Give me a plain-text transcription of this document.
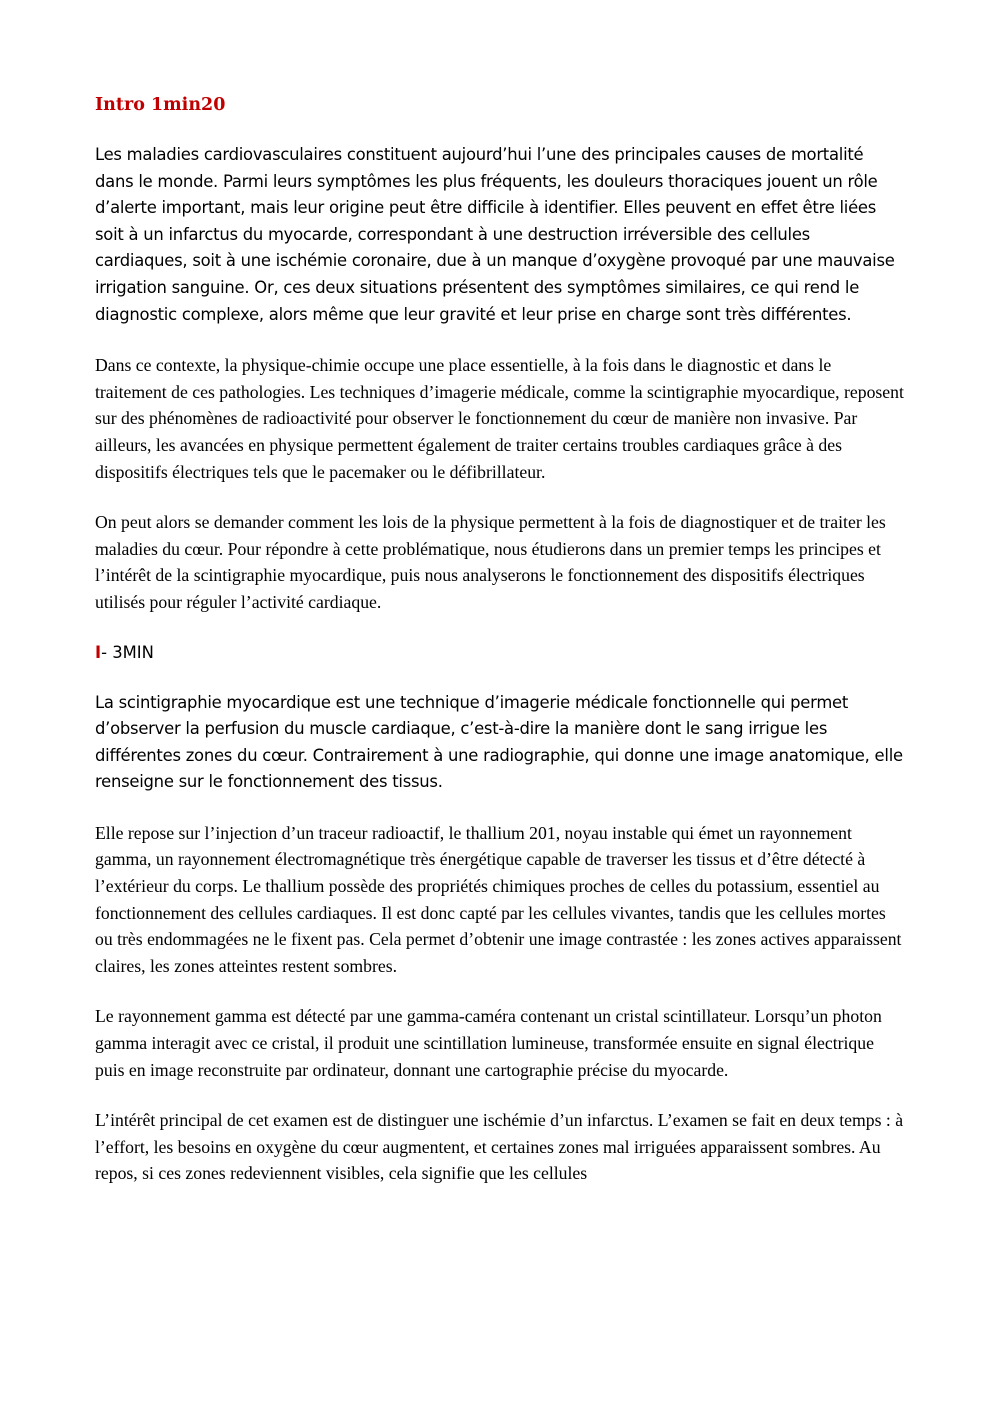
Intro 1min20

Les maladies cardiovasculaires constituent aujourd’hui l’une des principales causes de mortalité dans le monde. Parmi leurs symptômes les plus fréquents, les douleurs thoraciques jouent un rôle d’alerte important, mais leur origine peut être difficile à identifier. Elles peuvent en effet être liées soit à un infarctus du myocarde, correspondant à une destruction irréversible des cellules cardiaques, soit à une ischémie coronaire, due à un manque d’oxygène provoqué par une mauvaise irrigation sanguine. Or, ces deux situations présentent des symptômes similaires, ce qui rend le diagnostic complexe, alors même que leur gravité et leur prise en charge sont très différentes.

Dans ce contexte, la physique-chimie occupe une place essentielle, à la fois dans le diagnostic et dans le traitement de ces pathologies. Les techniques d’imagerie médicale, comme la scintigraphie myocardique, reposent sur des phénomènes de radioactivité pour observer le fonctionnement du cœur de manière non invasive. Par ailleurs, les avancées en physique permettent également de traiter certains troubles cardiaques grâce à des dispositifs électriques tels que le pacemaker ou le défibrillateur.

On peut alors se demander comment les lois de la physique permettent à la fois de diagnostiquer et de traiter les maladies du cœur. Pour répondre à cette problématique, nous étudierons dans un premier temps les principes et l’intérêt de la scintigraphie myocardique, puis nous analyserons le fonctionnement des dispositifs électriques utilisés pour réguler l’activité cardiaque.

I- 3MIN

La scintigraphie myocardique est une technique d’imagerie médicale fonctionnelle qui permet d’observer la perfusion du muscle cardiaque, c’est-à-dire la manière dont le sang irrigue les différentes zones du cœur. Contrairement à une radiographie, qui donne une image anatomique, elle renseigne sur le fonctionnement des tissus.

Elle repose sur l’injection d’un traceur radioactif, le thallium 201, noyau instable qui émet un rayonnement gamma, un rayonnement électromagnétique très énergétique capable de traverser les tissus et d’être détecté à l’extérieur du corps. Le thallium possède des propriétés chimiques proches de celles du potassium, essentiel au fonctionnement des cellules cardiaques. Il est donc capté par les cellules vivantes, tandis que les cellules mortes ou très endommagées ne le fixent pas. Cela permet d’obtenir une image contrastée : les zones actives apparaissent claires, les zones atteintes restent sombres.

Le rayonnement gamma est détecté par une gamma-caméra contenant un cristal scintillateur. Lorsqu’un photon gamma interagit avec ce cristal, il produit une scintillation lumineuse, transformée ensuite en signal électrique puis en image reconstruite par ordinateur, donnant une cartographie précise du myocarde.

L’intérêt principal de cet examen est de distinguer une ischémie d’un infarctus. L’examen se fait en deux temps : à l’effort, les besoins en oxygène du cœur augmentent, et certaines zones mal irriguées apparaissent sombres. Au repos, si ces zones redeviennent visibles, cela signifie que les cellules
